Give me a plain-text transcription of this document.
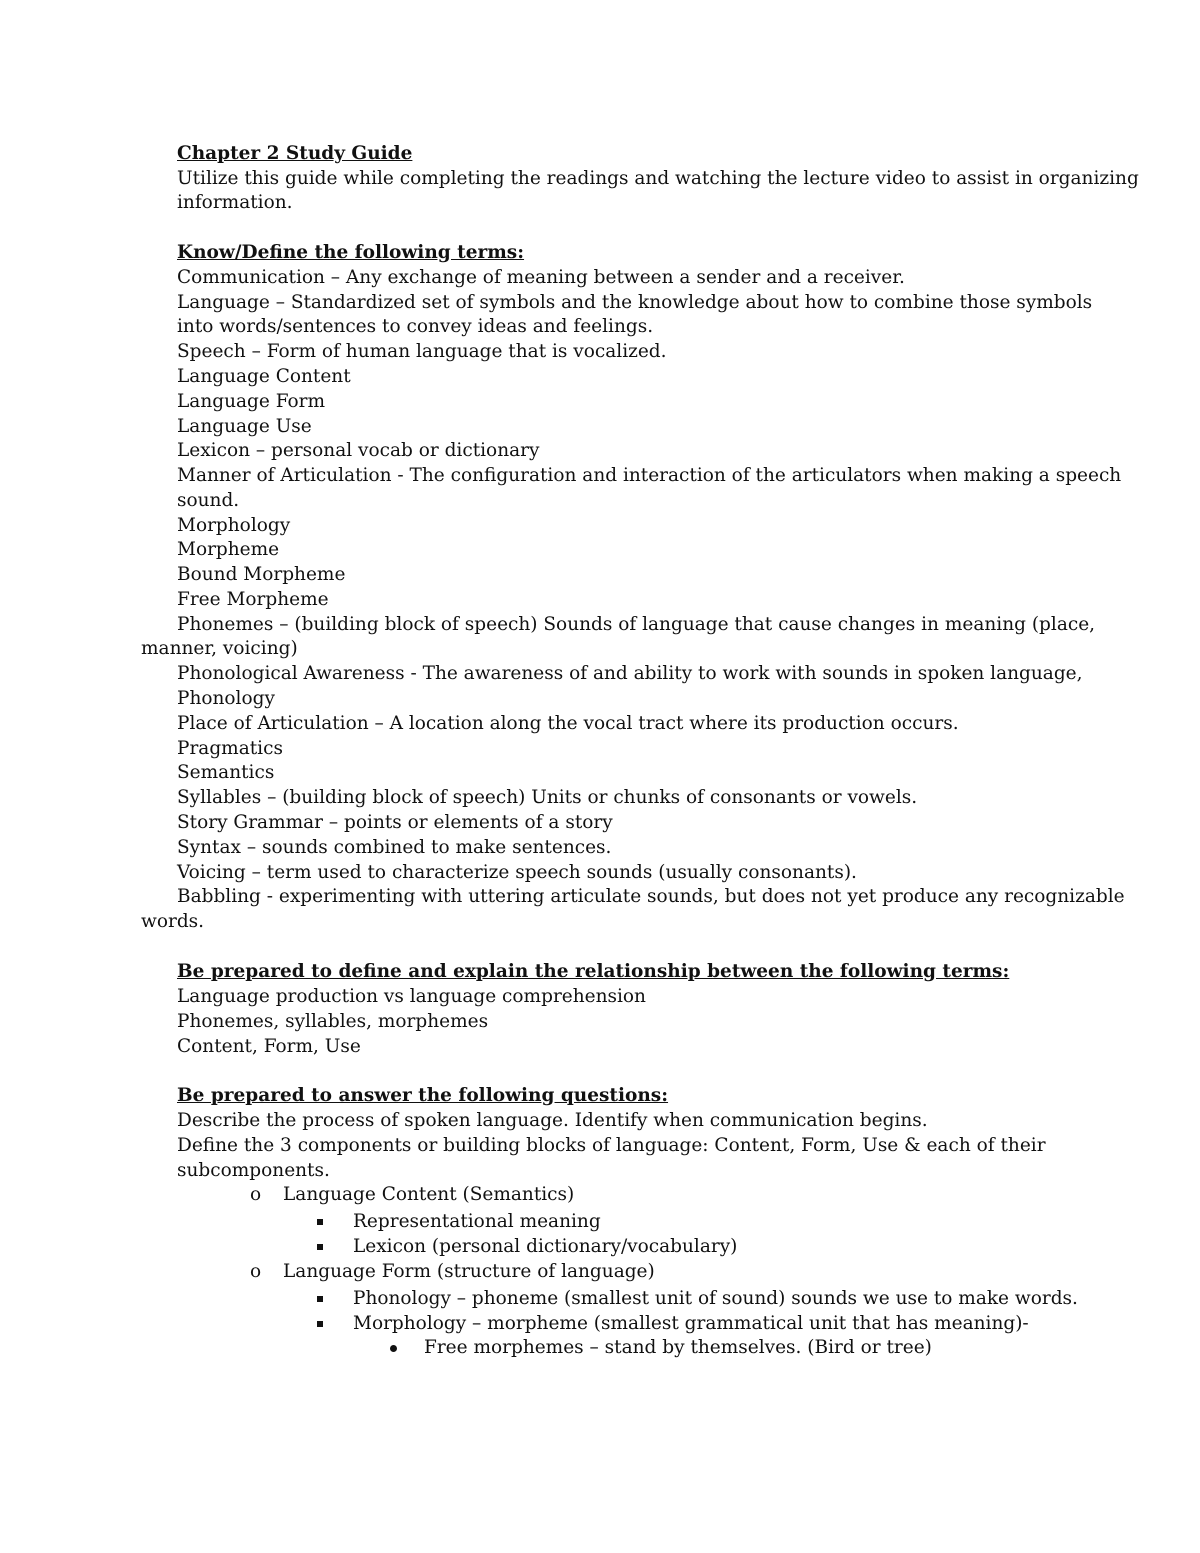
Chapter 2 Study Guide
Utilize this guide while completing the readings and watching the lecture video to assist in organizing
information.
Know/Define the following terms:
Communication – Any exchange of meaning between a sender and a receiver.
Language – Standardized set of symbols and the knowledge about how to combine those symbols
into words/sentences to convey ideas and feelings.
Speech – Form of human language that is vocalized.
Language Content
Language Form
Language Use
Lexicon – personal vocab or dictionary
Manner of Articulation - The configuration and interaction of the articulators when making a speech
sound.
Morphology
Morpheme
Bound Morpheme
Free Morpheme
Phonemes – (building block of speech) Sounds of language that cause changes in meaning (place,
manner, voicing)
Phonological Awareness - The awareness of and ability to work with sounds in spoken language,
Phonology
Place of Articulation – A location along the vocal tract where its production occurs.
Pragmatics
Semantics
Syllables – (building block of speech) Units or chunks of consonants or vowels.
Story Grammar – points or elements of a story
Syntax – sounds combined to make sentences.
Voicing – term used to characterize speech sounds (usually consonants).
Babbling - experimenting with uttering articulate sounds, but does not yet produce any recognizable
words.
Be prepared to define and explain the relationship between the following terms:
Language production vs language comprehension
Phonemes, syllables, morphemes
Content, Form, Use
Be prepared to answer the following questions:
Describe the process of spoken language. Identify when communication begins.
Define the 3 components or building blocks of language: Content, Form, Use & each of their
subcomponents.
o Language Content (Semantics)
Representational meaning
Lexicon (personal dictionary/vocabulary)
o Language Form (structure of language)
Phonology – phoneme (smallest unit of sound) sounds we use to make words.
Morphology – morpheme (smallest grammatical unit that has meaning)-
Free morphemes – stand by themselves. (Bird or tree)
